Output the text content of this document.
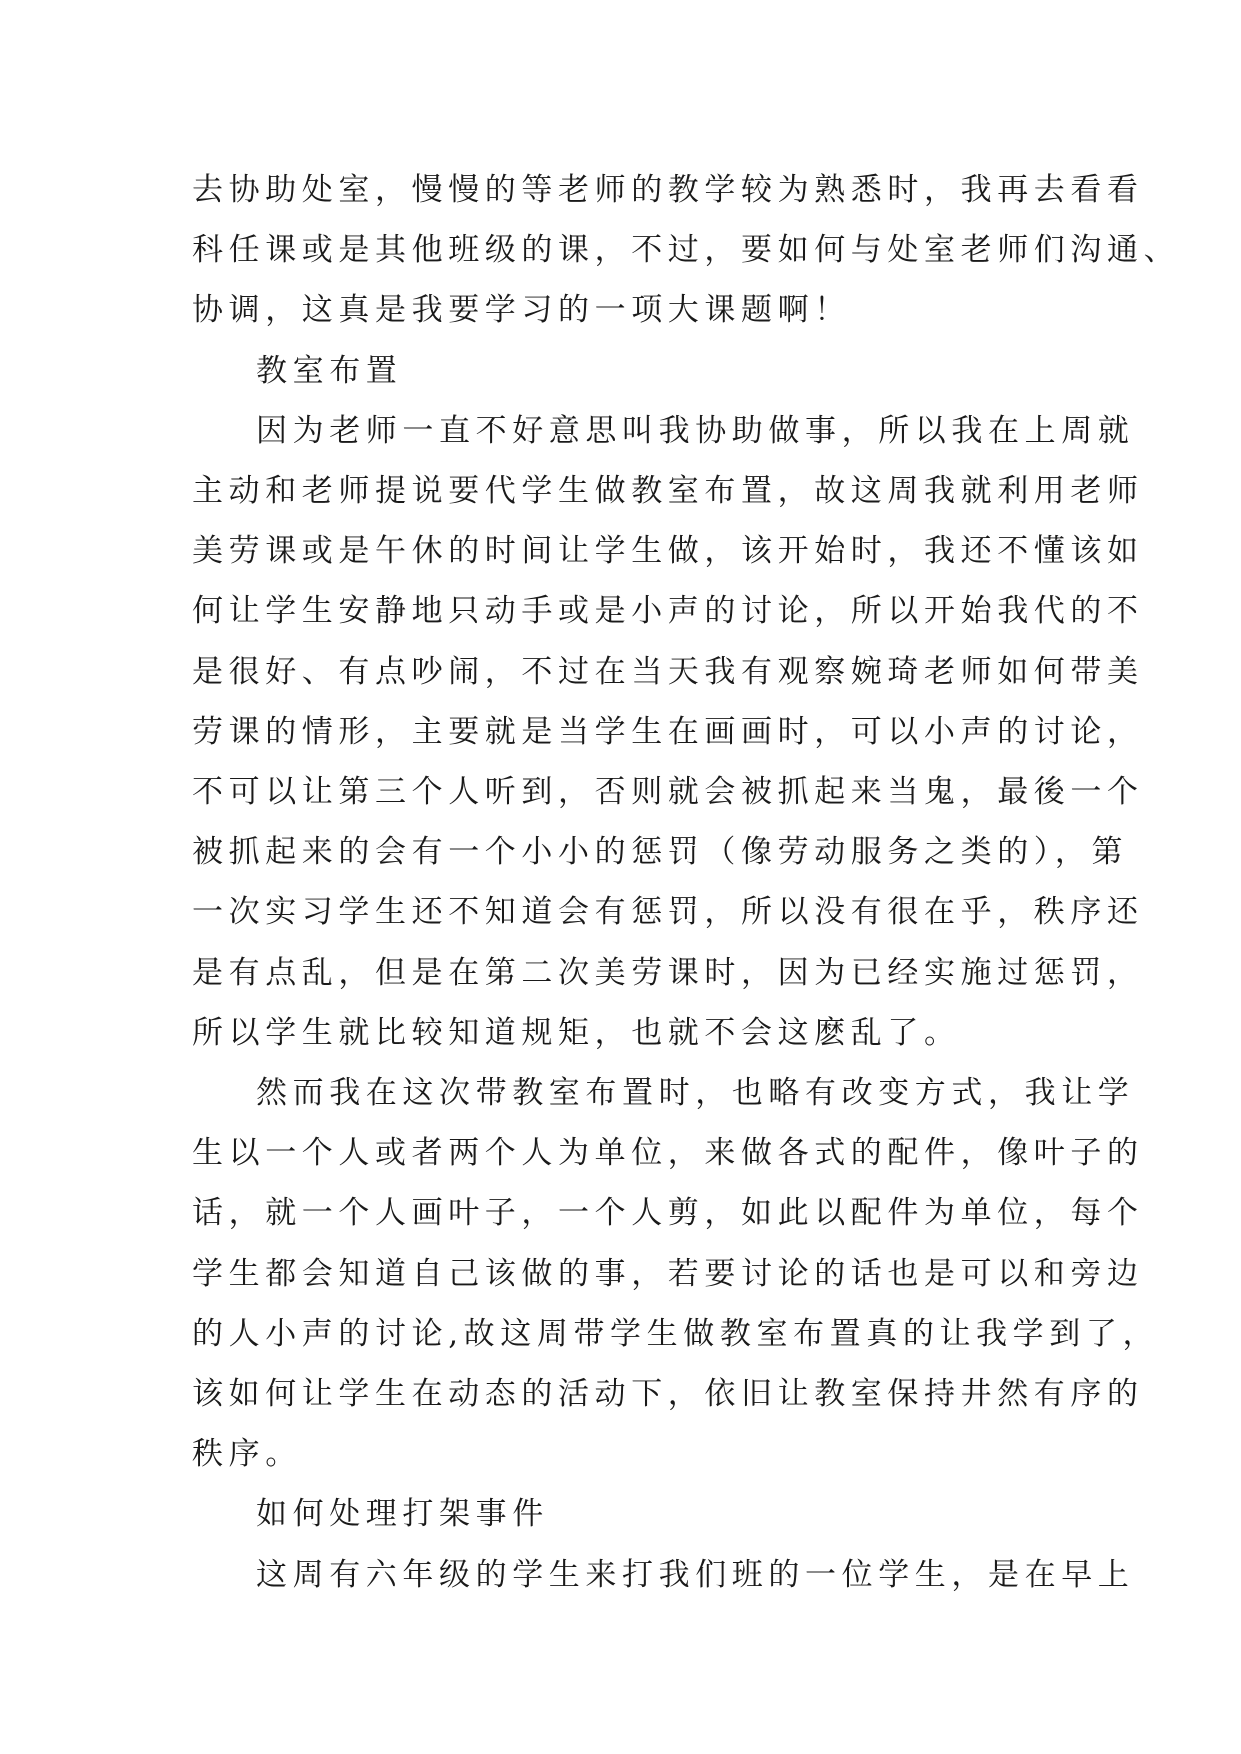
去协助处室，慢慢的等老师的教学较为熟悉时，我再去看看
科任课或是其他班级的课，不过，要如何与处室老师们沟通、
协调，这真是我要学习的一项大课题啊！
教室布置
因为老师一直不好意思叫我协助做事，所以我在上周就
主动和老师提说要代学生做教室布置，故这周我就利用老师
美劳课或是午休的时间让学生做，该开始时，我还不懂该如
何让学生安静地只动手或是小声的讨论，所以开始我代的不
是很好、有点吵闹，不过在当天我有观察婉琦老师如何带美
劳课的情形，主要就是当学生在画画时，可以小声的讨论，
不可以让第三个人听到，否则就会被抓起来当鬼，最後一个
被抓起来的会有一个小小的惩罚（像劳动服务之类的），第
一次实习学生还不知道会有惩罚，所以没有很在乎，秩序还
是有点乱，但是在第二次美劳课时，因为已经实施过惩罚，
所以学生就比较知道规矩，也就不会这麽乱了。
然而我在这次带教室布置时，也略有改变方式，我让学
生以一个人或者两个人为单位，来做各式的配件，像叶子的
话，就一个人画叶子，一个人剪，如此以配件为单位，每个
学生都会知道自己该做的事，若要讨论的话也是可以和旁边
的人小声的讨论,故这周带学生做教室布置真的让我学到了，
该如何让学生在动态的活动下，依旧让教室保持井然有序的
秩序。
如何处理打架事件
这周有六年级的学生来打我们班的一位学生，是在早上
